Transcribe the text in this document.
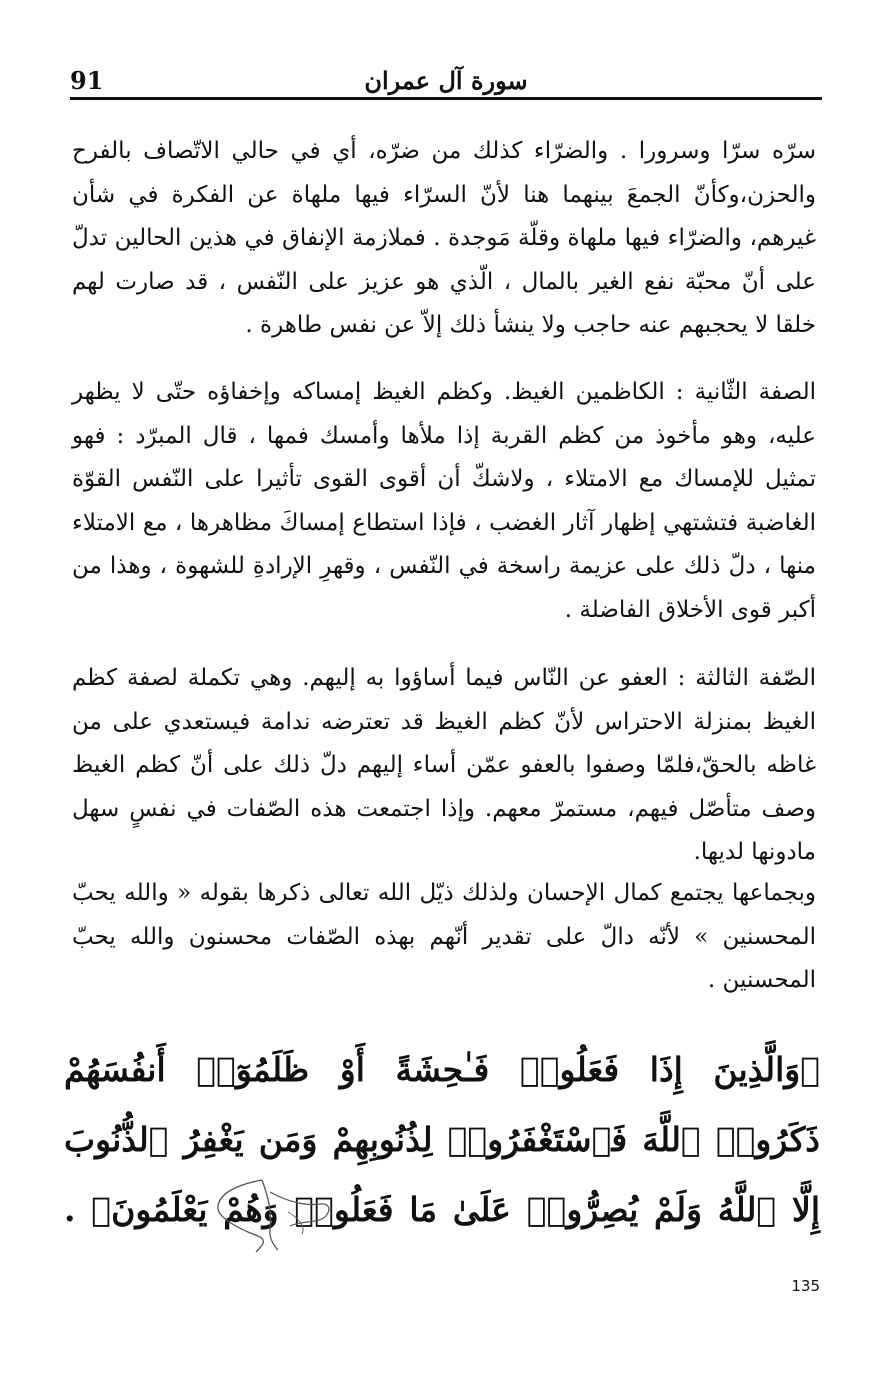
91	سورة آل عمران

سرّه سرّا وسرورا . والضرّاء كذلك من ضرّه، أي في حالي الاتّصاف بالفرح والحزن،وكأنّ الجمعَ بينهما هنا لأنّ السرّاء فيها ملهاة عن الفكرة في شأن غيرهم، والضرّاء فيها ملهاة وقلّة مَوجدة . فملازمة الإنفاق في هذين الحالين تدلّ على أنّ محبّة نفع الغير بالمال ، الّذي هو عزيز على النّفس ، قد صارت لهم خلقا لا يحجبهم عنه حاجب ولا ينشأ ذلك إلاّ عن نفس طاهرة .

الصفة الثّانية : الكاظمين الغيظ. وكظم الغيظ إمساكه وإخفاؤه حتّى لا يظهر عليه، وهو مأخوذ من كظم القربة إذا ملأها وأمسك فمها ، قال المبرّد : فهو تمثيل للإمساك مع الامتلاء ، ولاشكّ أن أقوى القوى تأثيرا على النّفس القوّة الغاضبة فتشتهي إظهار آثار الغضب ، فإذا استطاع إمساكَ مظاهرها ، مع الامتلاء منها ، دلّ ذلك على عزيمة راسخة في النّفس ، وقهرِ الإرادةِ للشهوة ، وهذا من أكبر قوى الأخلاق الفاضلة .

الصّفة الثالثة : العفو عن النّاس فيما أساؤوا به إليهم. وهي تكملة لصفة كظم الغيظ بمنزلة الاحتراس لأنّ كظم الغيظ قد تعترضه ندامة فيستعدي على من غاظه بالحقّ،فلمّا وصفوا بالعفو عمّن أساء إليهم دلّ ذلك على أنّ كظم الغيظ وصف متأصّل فيهم، مستمرّ معهم. وإذا اجتمعت هذه الصّفات في نفسٍ سهل مادونها لديها.

وبجماعها يجتمع كمال الإحسان ولذلك ذيّل الله تعالى ذكرها بقوله « والله يحبّ المحسنين » لأنّه دالّ على تقدير أنّهم بهذه الصّفات محسنون والله يحبّ المحسنين .

﴿وَالَّذِينَ إِذَا فَعَلُوا۟ فَـٰحِشَةً أَوْ ظَلَمُوٓا۟ أَنفُسَهُمْ ذَكَرُوا۟ ٱللَّهَ فَٱسْتَغْفَرُوا۟ لِذُنُوبِهِمْ وَمَن يَغْفِرُ ٱلذُّنُوبَ إِلَّا ٱللَّهُ وَلَمْ يُصِرُّوا۟ عَلَىٰ مَا فَعَلُوا۟ وَهُمْ يَعْلَمُونَ﴾ . 135
